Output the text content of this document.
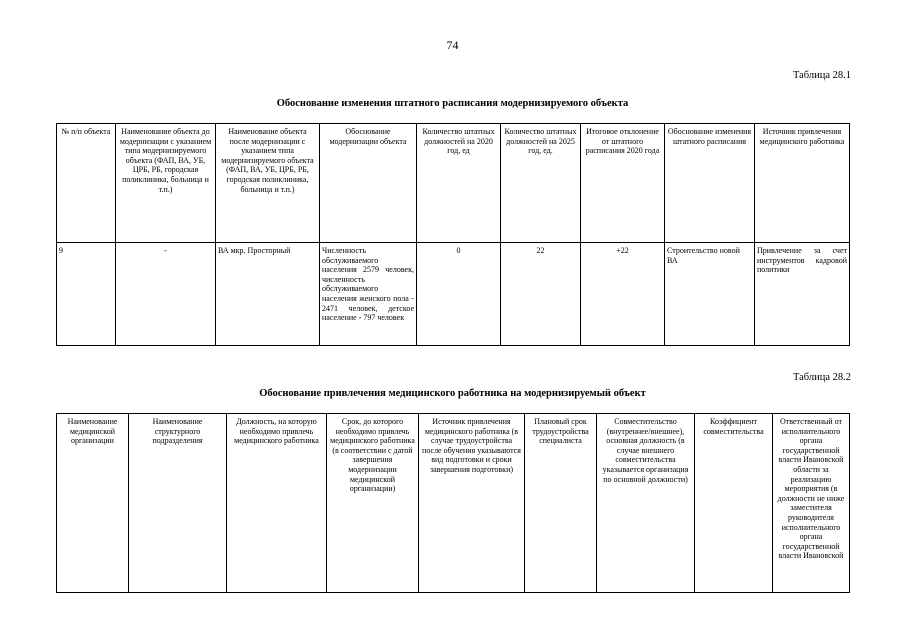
74
Таблица 28.1
Обоснование изменения штатного расписания модернизируемого объекта
№ п/п объекта	Наименование объекта до модернизации с указанием типа модернизируемого объекта (ФАП, ВА, УБ, ЦРБ, РБ, городская поликлиника, больница и т.п.)	Наименование объекта после модернизации с указанием типа модернизируемого объекта (ФАП, ВА, УБ, ЦРБ, РБ, городская поликлиника, больница и т.п.)	Обоснование модернизации объекта	Количество штатных должностей на 2020 год, ед	Количество штатных должностей на 2025 год, ед.	Итоговое отклонение от штатного расписания 2020 года	Обоснование изменения штатного расписания	Источник привлечения медицинского работника
9	-	ВА мкр. Просторный	Численность обслуживаемого населения 2579 человек, численность обслуживаемого населения женского пола - 2471 человек, детское население - 797 человек	0	22	+22	Строительство новой ВА	Привлечение за счет инструментов кадровой политики
Таблица 28.2
Обоснование привлечения медицинского работника на модернизируемый объект
Наименование медицинской организации	Наименование структурного подразделения	Должность, на которую необходимо привлечь медицинского работника	Срок, до которого необходимо привлечь медицинского работника (в соответствии с датой завершения модернизации медицинской организации)	Источник привлечения медицинского работника (в случае трудоустройства после обучения указываются вид подготовки и сроки завершения подготовки)	Плановый срок трудоустройства специалиста	Совместительство (внутреннее/внешнее), основная должность (в случае внешнего совместительства указывается организация по основной должности)	Коэффициент совместительства	Ответственный от исполнительного органа государственной власти Ивановской области за реализацию мероприятия (в должности не ниже заместителя руководителя исполнительного органа государственной власти Ивановской
